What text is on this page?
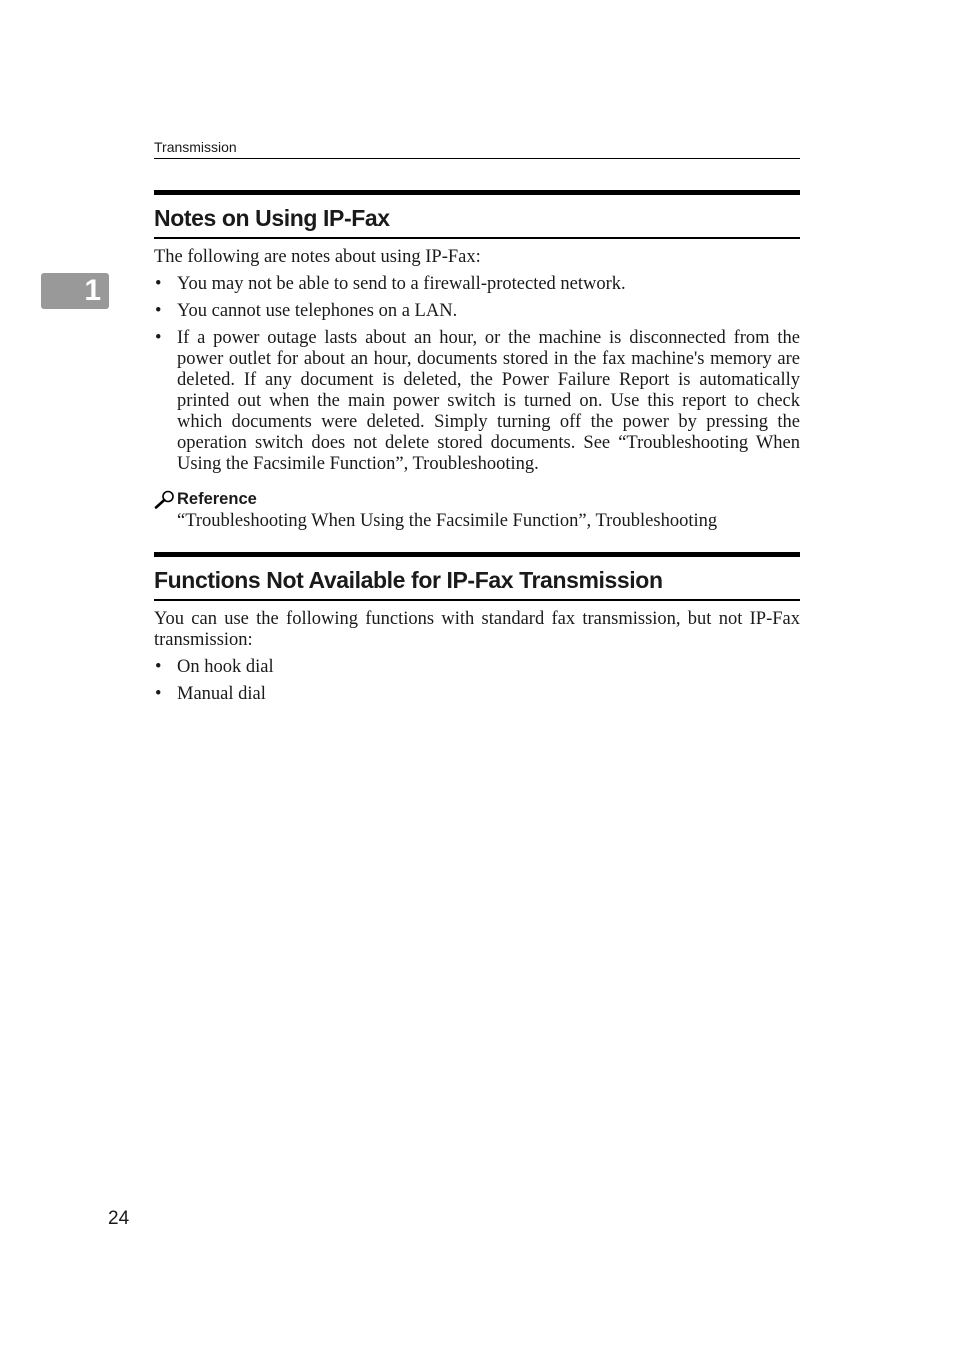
Transmission
1
Notes on Using IP-Fax

The following are notes about using IP-Fax:

• You may not be able to send to a firewall-protected network.
• You cannot use telephones on a LAN.
• If a power outage lasts about an hour, or the machine is disconnected from the power outlet for about an hour, documents stored in the fax machine's memory are deleted. If any document is deleted, the Power Failure Report is automatically printed out when the main power switch is turned on. Use this report to check which documents were deleted. Simply turning off the power by pressing the operation switch does not delete stored documents. See “Troubleshooting When Using the Facsimile Function”, Troubleshooting.
Reference
“Troubleshooting When Using the Facsimile Function”, Troubleshooting
Functions Not Available for IP-Fax Transmission

You can use the following functions with standard fax transmission, but not IP-Fax transmission:

• On hook dial
• Manual dial
24
